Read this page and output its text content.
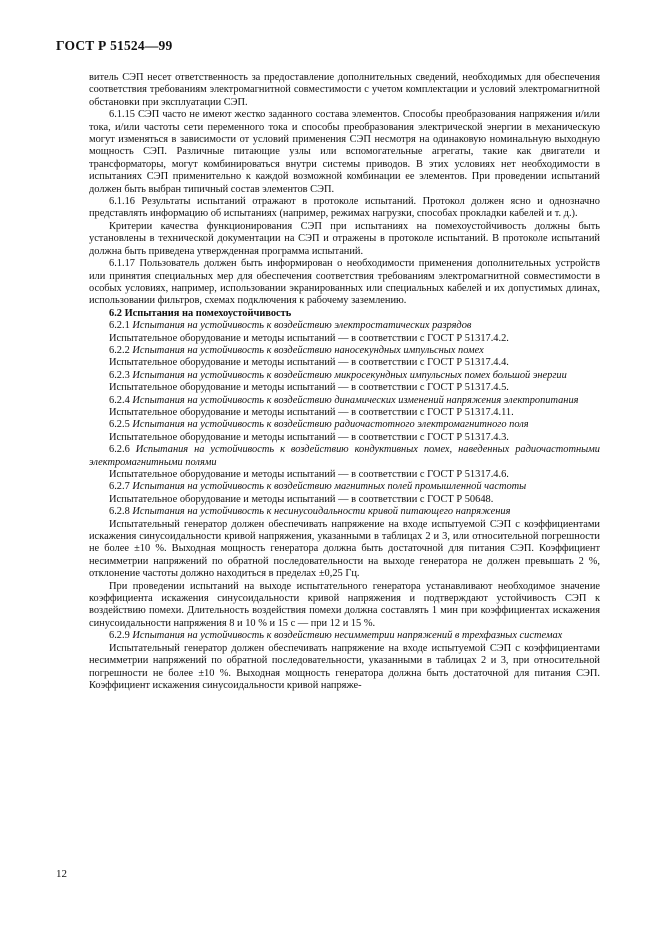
ГОСТ Р 51524—99

витель СЭП несет ответственность за предоставление дополнительных сведений, необходимых для обеспечения соответствия требованиям электромагнитной совместимости с учетом комплектации и условий электромагнитной обстановки при эксплуатации СЭП.

6.1.15 СЭП часто не имеют жестко заданного состава элементов. Способы преобразования напряжения и/или тока, и/или частоты сети переменного тока и способы преобразования электрической энергии в механическую могут изменяться в зависимости от условий применения СЭП несмотря на одинаковую номинальную выходную мощность СЭП. Различные питающие узлы или вспомогательные агрегаты, такие как двигатели и трансформаторы, могут комбинироваться внутри системы приводов. В этих условиях нет необходимости в испытаниях СЭП применительно к каждой возможной комбинации ее элементов. При проведении испытаний должен быть выбран типичный состав элементов СЭП.

6.1.16 Результаты испытаний отражают в протоколе испытаний. Протокол должен ясно и однозначно представлять информацию об испытаниях (например, режимах нагрузки, способах прокладки кабелей и т. д.).

Критерии качества функционирования СЭП при испытаниях на помехоустойчивость должны быть установлены в технической документации на СЭП и отражены в протоколе испытаний. В протоколе испытаний должна быть приведена утвержденная программа испытаний.

6.1.17 Пользователь должен быть информирован о необходимости применения дополнительных устройств или принятия специальных мер для обеспечения соответствия требованиям электромагнитной совместимости в особых условиях, например, использовании экранированных или специальных кабелей и их допустимых длинах, использовании фильтров, схемах подключения к рабочему заземлению.

6.2 Испытания на помехоустойчивость

6.2.1 Испытания на устойчивость к воздействию электростатических разрядов

Испытательное оборудование и методы испытаний — в соответствии с ГОСТ Р 51317.4.2.

6.2.2 Испытания на устойчивость к воздействию наносекундных импульсных помех

Испытательное оборудование и методы испытаний — в соответствии с ГОСТ Р 51317.4.4.

6.2.3 Испытания на устойчивость к воздействию микросекундных импульсных помех большой энергии

Испытательное оборудование и методы испытаний — в соответствии с ГОСТ Р 51317.4.5.

6.2.4 Испытания на устойчивость к воздействию динамических изменений напряжения электропитания

Испытательное оборудование и методы испытаний — в соответствии с ГОСТ Р 51317.4.11.

6.2.5 Испытания на устойчивость к воздействию радиочастотного электромагнитного поля

Испытательное оборудование и методы испытаний — в соответствии с ГОСТ Р 51317.4.3.

6.2.6 Испытания на устойчивость к воздействию кондуктивных помех, наведенных радиочастотными электромагнитными полями

Испытательное оборудование и методы испытаний — в соответствии с ГОСТ Р 51317.4.6.

6.2.7 Испытания на устойчивость к воздействию магнитных полей промышленной частоты

Испытательное оборудование и методы испытаний — в соответствии с ГОСТ Р 50648.

6.2.8 Испытания на устойчивость к несинусоидальности кривой питающего напряжения

Испытательный генератор должен обеспечивать напряжение на входе испытуемой СЭП с коэффициентами искажения синусоидальности кривой напряжения, указанными в таблицах 2 и 3, или относительной погрешности не более ±10 %. Выходная мощность генератора должна быть достаточной для питания СЭП. Коэффициент несимметрии напряжений по обратной последовательности на выходе генератора не должен превышать 2 %, отклонение частоты должно находиться в пределах ±0,25 Гц.

При проведении испытаний на выходе испытательного генератора устанавливают необходимое значение коэффициента искажения синусоидальности кривой напряжения и подтверждают устойчивость СЭП к воздействию помехи. Длительность воздействия помехи должна составлять 1 мин при коэффициентах искажения синусоидальности напряжения 8 и 10 % и 15 с — при 12 и 15 %.

6.2.9 Испытания на устойчивость к воздействию несимметрии напряжений в трехфазных системах

Испытательный генератор должен обеспечивать напряжение на входе испытуемой СЭП с коэффициентами несимметрии напряжений по обратной последовательности, указанными в таблицах 2 и 3, при относительной погрешности не более ±10 %. Выходная мощность генератора должна быть достаточной для питания СЭП. Коэффициент искажения синусоидальности кривой напряже-

12
